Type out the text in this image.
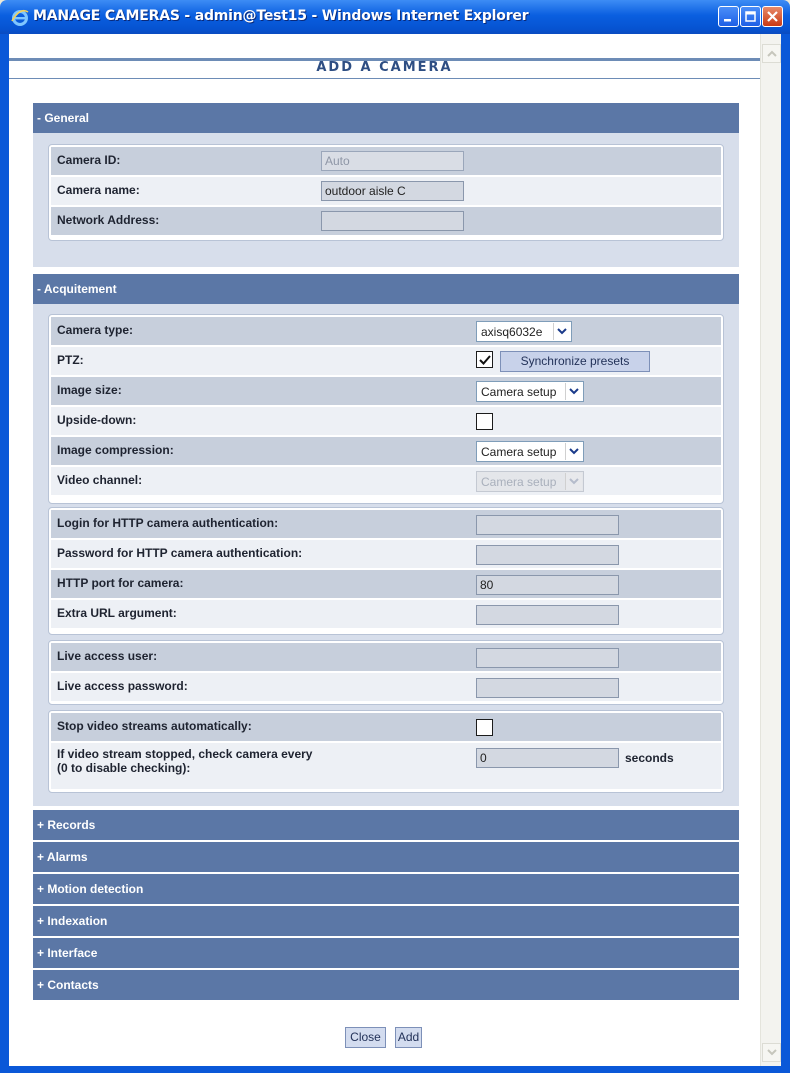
MANAGE CAMERAS - admin@Test15 - Windows Internet Explorer
ADD A CAMERA
- General
Camera ID:	Auto
Camera name:	outdoor aisle C
Network Address:
- Acquitement
Camera type:	axisq6032e
PTZ:	Synchronize presets
Image size:	Camera setup
Upside-down:
Image compression:	Camera setup
Video channel:	Camera setup
Login for HTTP camera authentication:
Password for HTTP camera authentication:
HTTP port for camera:	80
Extra URL argument:
Live access user:
Live access password:
Stop video streams automatically:
If video stream stopped, check camera every
(0 to disable checking):
0	seconds
+ Records
+ Alarms
+ Motion detection
+ Indexation
+ Interface
+ Contacts
Close	Add
